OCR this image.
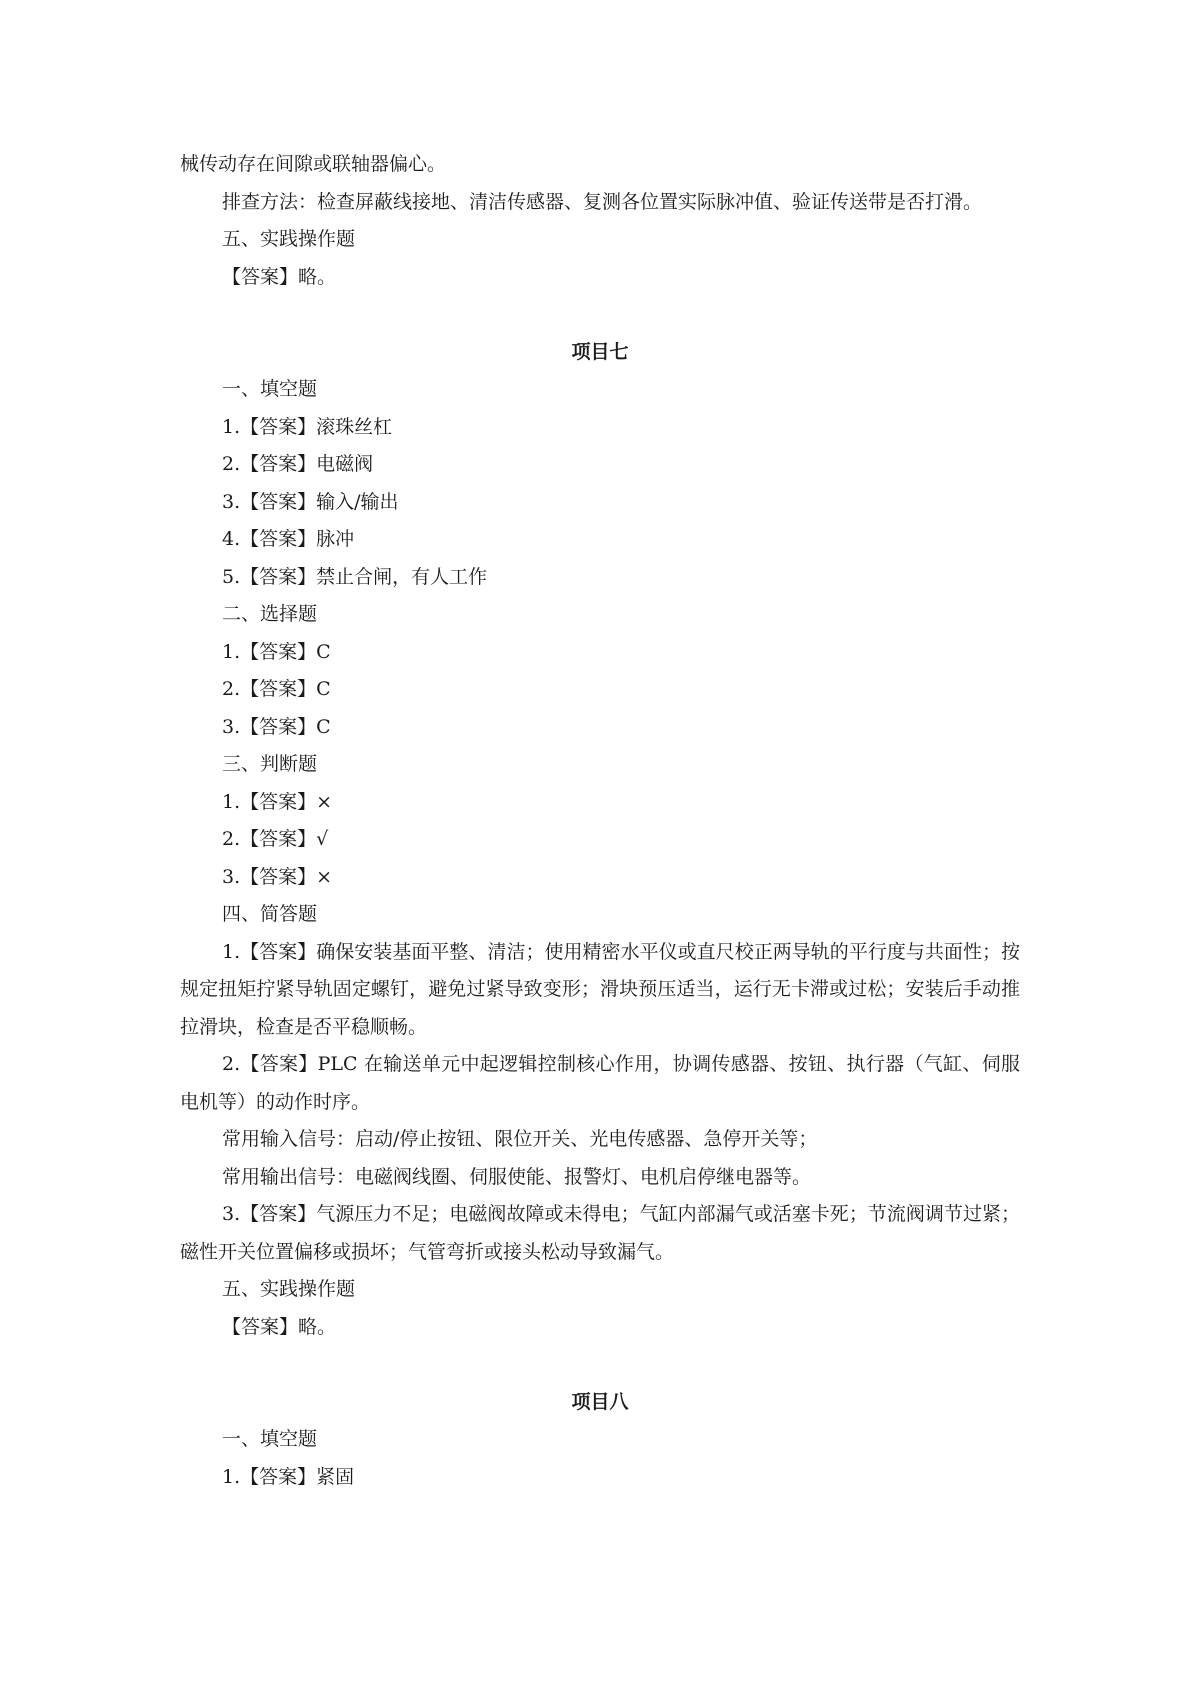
械传动存在间隙或联轴器偏心。

排查方法：检查屏蔽线接地、清洁传感器、复测各位置实际脉冲值、验证传送带是否打滑。

五、实践操作题

【答案】略。

项目七

一、填空题

1.【答案】滚珠丝杠

2.【答案】电磁阀

3.【答案】输入/输出

4.【答案】脉冲

5.【答案】禁止合闸，有人工作

二、选择题

1.【答案】C

2.【答案】C

3.【答案】C

三、判断题

1.【答案】×

2.【答案】√

3.【答案】×

四、简答题

1.【答案】确保安装基面平整、清洁；使用精密水平仪或直尺校正两导轨的平行度与共面性；按规定扭矩拧紧导轨固定螺钉，避免过紧导致变形；滑块预压适当，运行无卡滞或过松；安装后手动推拉滑块，检查是否平稳顺畅。

2.【答案】PLC 在输送单元中起逻辑控制核心作用，协调传感器、按钮、执行器（气缸、伺服电机等）的动作时序。

常用输入信号：启动/停止按钮、限位开关、光电传感器、急停开关等；

常用输出信号：电磁阀线圈、伺服使能、报警灯、电机启停继电器等。

3.【答案】气源压力不足；电磁阀故障或未得电；气缸内部漏气或活塞卡死；节流阀调节过紧；磁性开关位置偏移或损坏；气管弯折或接头松动导致漏气。

五、实践操作题

【答案】略。

项目八

一、填空题

1.【答案】紧固
